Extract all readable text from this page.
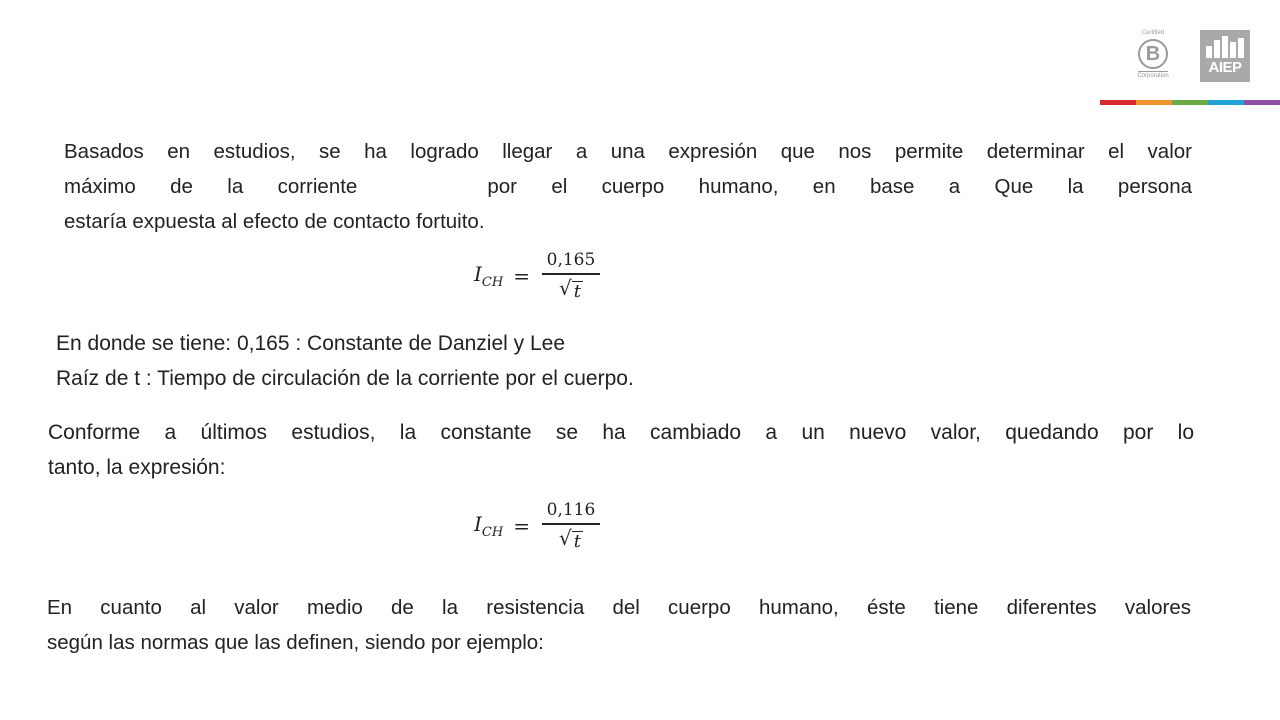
Certified
B
Corporation	AIEP
Basados en estudios, se ha logrado llegar a una expresión que nos permite determinar el valor
máximo de la corriente	por el cuerpo humano, en base a Que la persona
estaría expuesta al efecto de contacto fortuito.
$I_{CH} = \frac{0,165}{√ t}$
En donde se tiene: 0,165 : Constante de Danziel y Lee
Raíz de t : Tiempo de circulación de la corriente por el cuerpo.
Conforme a últimos estudios, la constante se ha cambiado a un nuevo valor, quedando por lo
tanto, la expresión:
$I_{CH} = \frac{0,116}{√ t}$
En cuanto al valor medio de la resistencia del cuerpo humano, éste tiene diferentes valores
según las normas que las definen, siendo por ejemplo:
